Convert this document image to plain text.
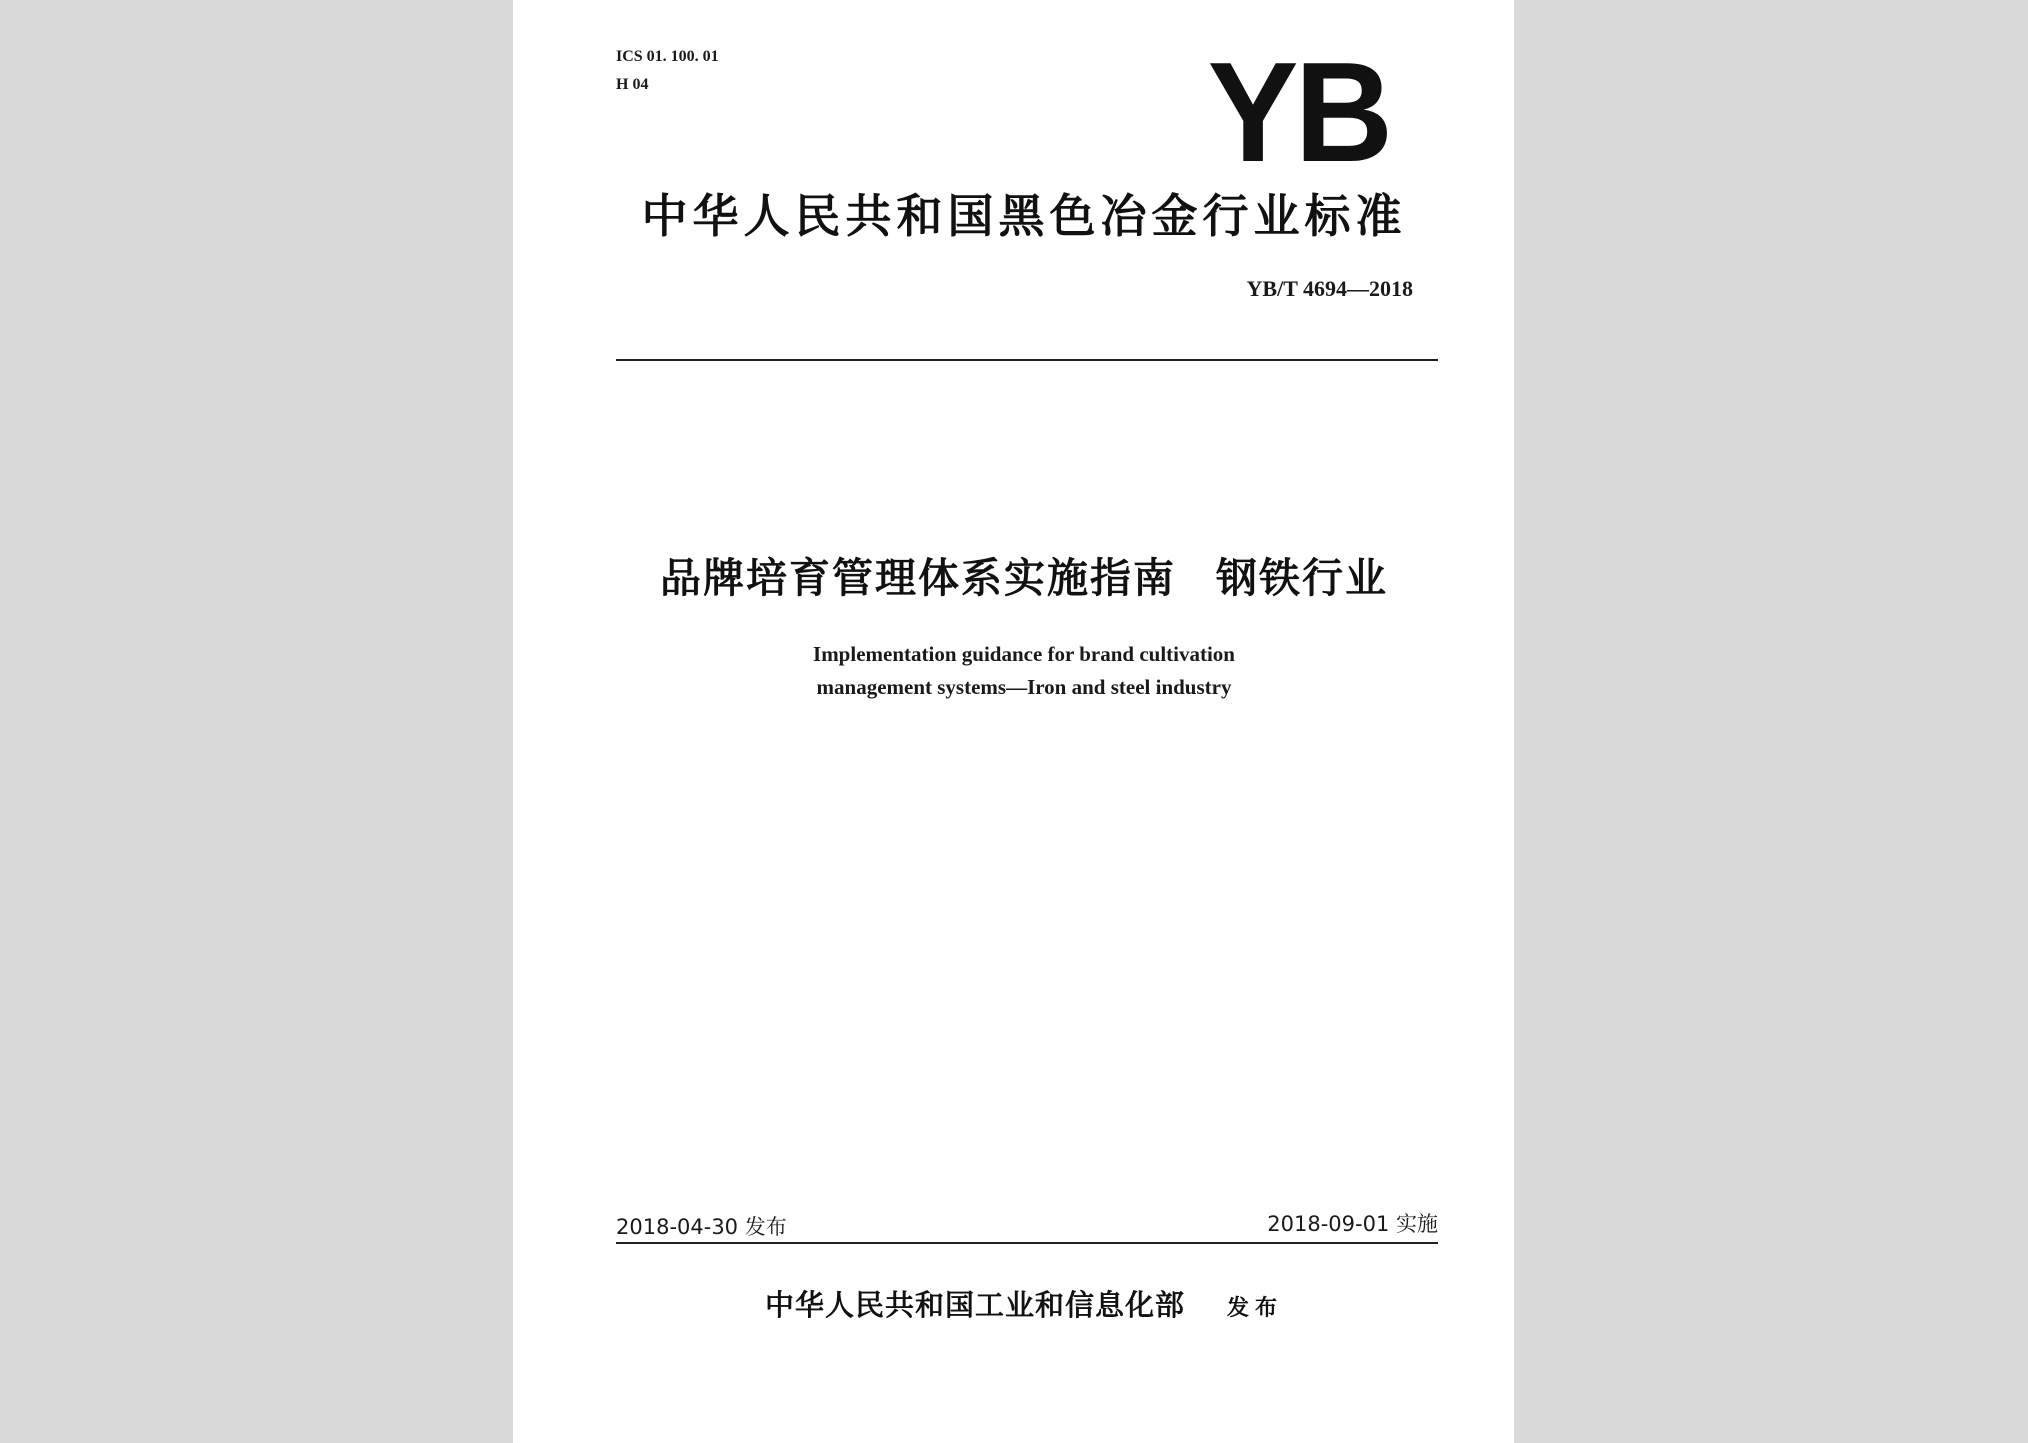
ICS 01. 100. 01

H 04	YB
中华人民共和国黑色冶金行业标准

YB/T 4694—2018

品牌培育管理体系实施指南 钢铁行业
Implementation guidance for brand cultivation
management systems—Iron and steel industry

2018-04-30 发布	2018-09-01 实施

中华人民共和国工业和信息化部 发布
